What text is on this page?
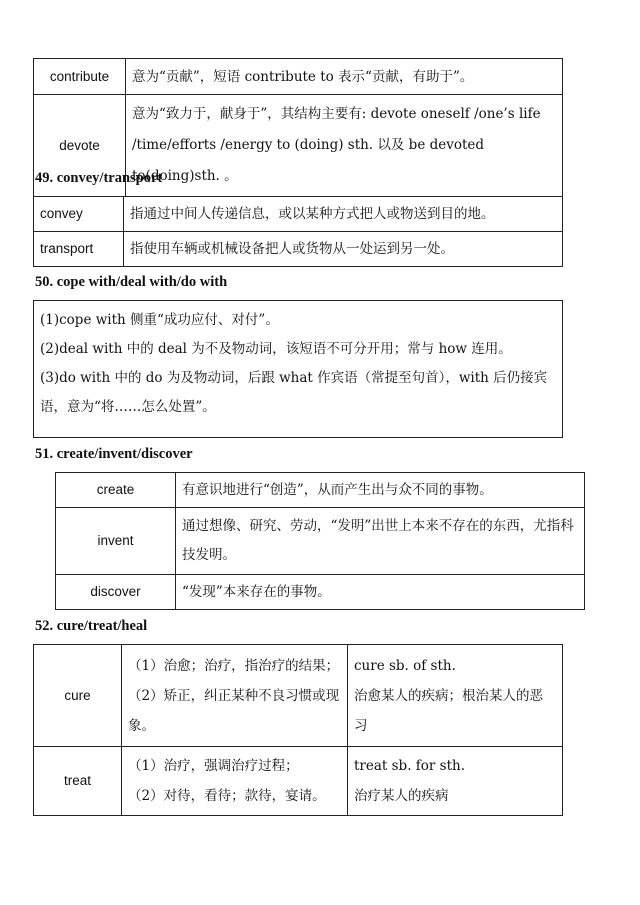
contribute	意为“贡献”，短语 contribute to 表示“贡献，有助于”。
devote	意为“致力于，献身于”，其结构主要有: devote oneself /one’s life /time/efforts /energy to (doing) sth. 以及 be devoted to(doing)sth. 。
49. convey/transport
convey	指通过中间人传递信息，或以某种方式把人或物送到目的地。
transport	指使用车辆或机械设备把人或货物从一处运到另一处。
50. cope with/deal with/do with

(1)cope with 侧重“成功应付、对付”。

(2)deal with 中的 deal 为不及物动词，该短语不可分开用；常与 how 连用。

(3)do with 中的 do 为及物动词，后跟 what 作宾语（常提至句首），with 后仍接宾语，意为“将……怎么处置”。

51. create/invent/discover
create	有意识地进行“创造”，从而产生出与众不同的事物。
invent	通过想像、研究、劳动，“发明”出世上本来不存在的东西，尤指科技发明。
discover	“发现”本来存在的事物。
52. cure/treat/heal
cure	（1）治愈；治疗，指治疗的结果；
（2）矫正，纠正某种不良习惯或现象。	cure sb. of sth.
治愈某人的疾病；根治某人的恶习

treat	（1）治疗，强调治疗过程；
（2）对待，看待；款待，宴请。	treat sb. for sth.
治疗某人的疾病
